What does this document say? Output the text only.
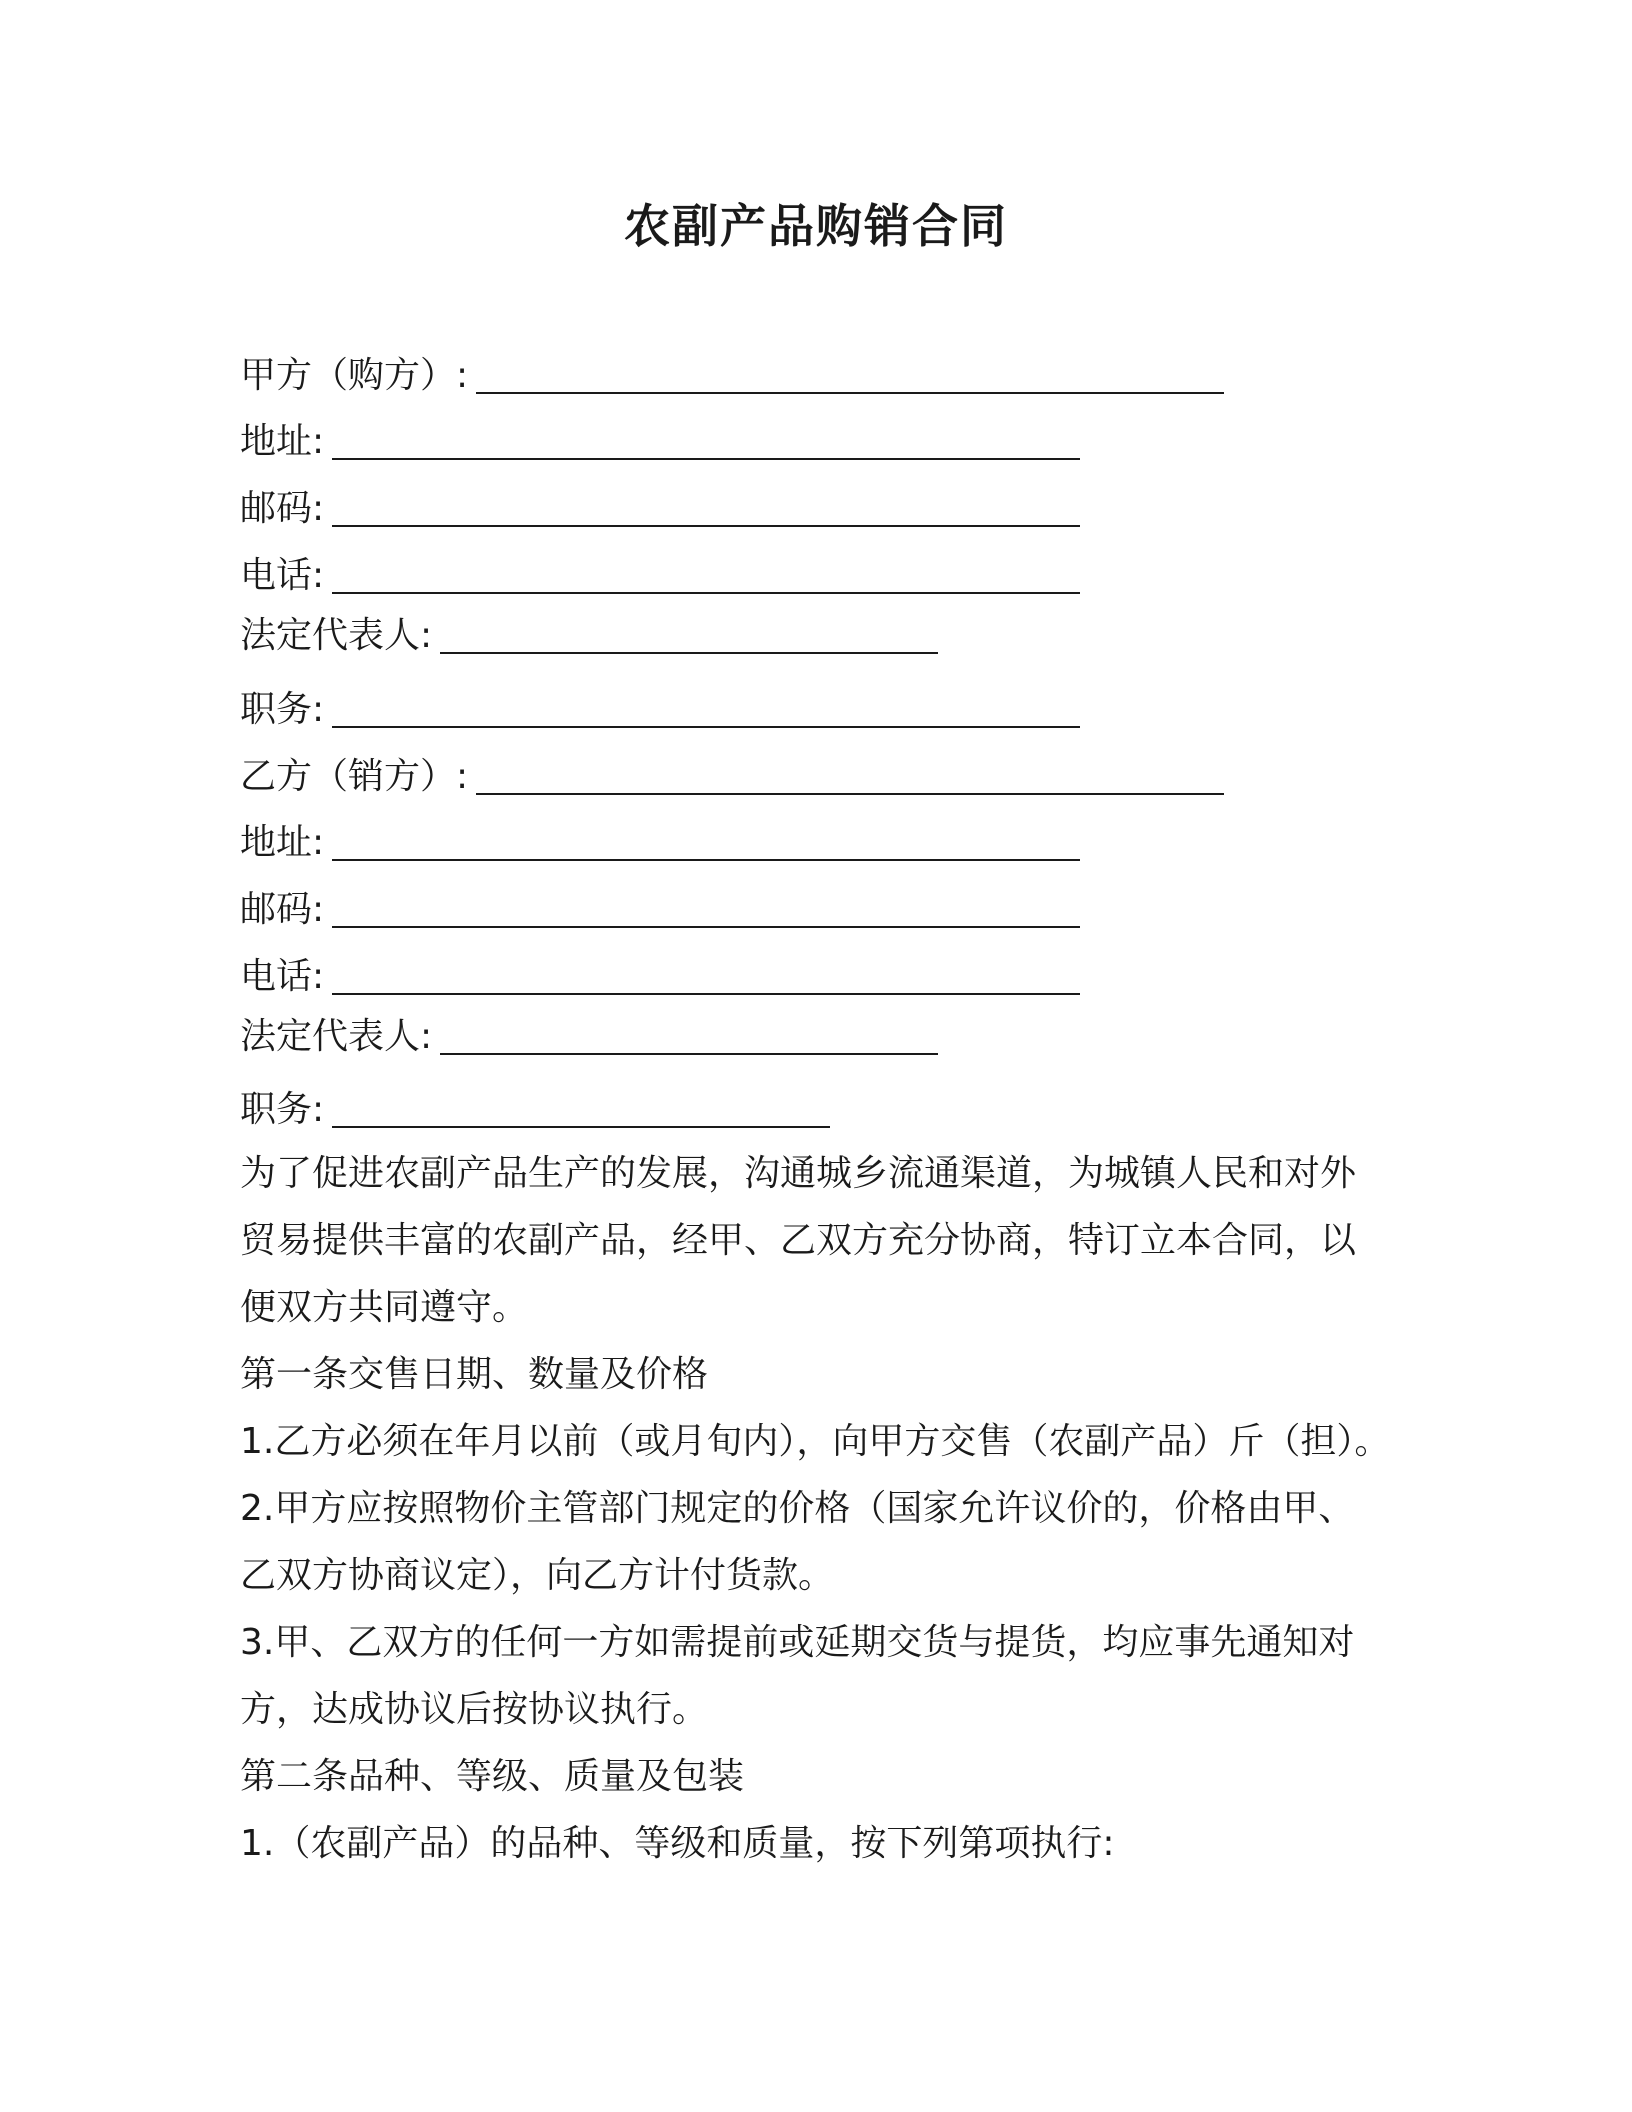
农副产品购销合同
甲方（购方）:
地址:
邮码:
电话:
法定代表人:
职务:
乙方（销方）:
地址:
邮码:
电话:
法定代表人:
职务:
为了促进农副产品生产的发展，沟通城乡流通渠道，为城镇人民和对外
贸易提供丰富的农副产品，经甲、乙双方充分协商，特订立本合同，以
便双方共同遵守。
第一条交售日期、数量及价格
1.乙方必须在年月以前（或月旬内），向甲方交售（农副产品）斤（担）。
2.甲方应按照物价主管部门规定的价格（国家允许议价的，价格由甲、
乙双方协商议定），向乙方计付货款。
3.甲、乙双方的任何一方如需提前或延期交货与提货，均应事先通知对
方，达成协议后按协议执行。
第二条品种、等级、质量及包装
1.（农副产品）的品种、等级和质量，按下列第项执行:
